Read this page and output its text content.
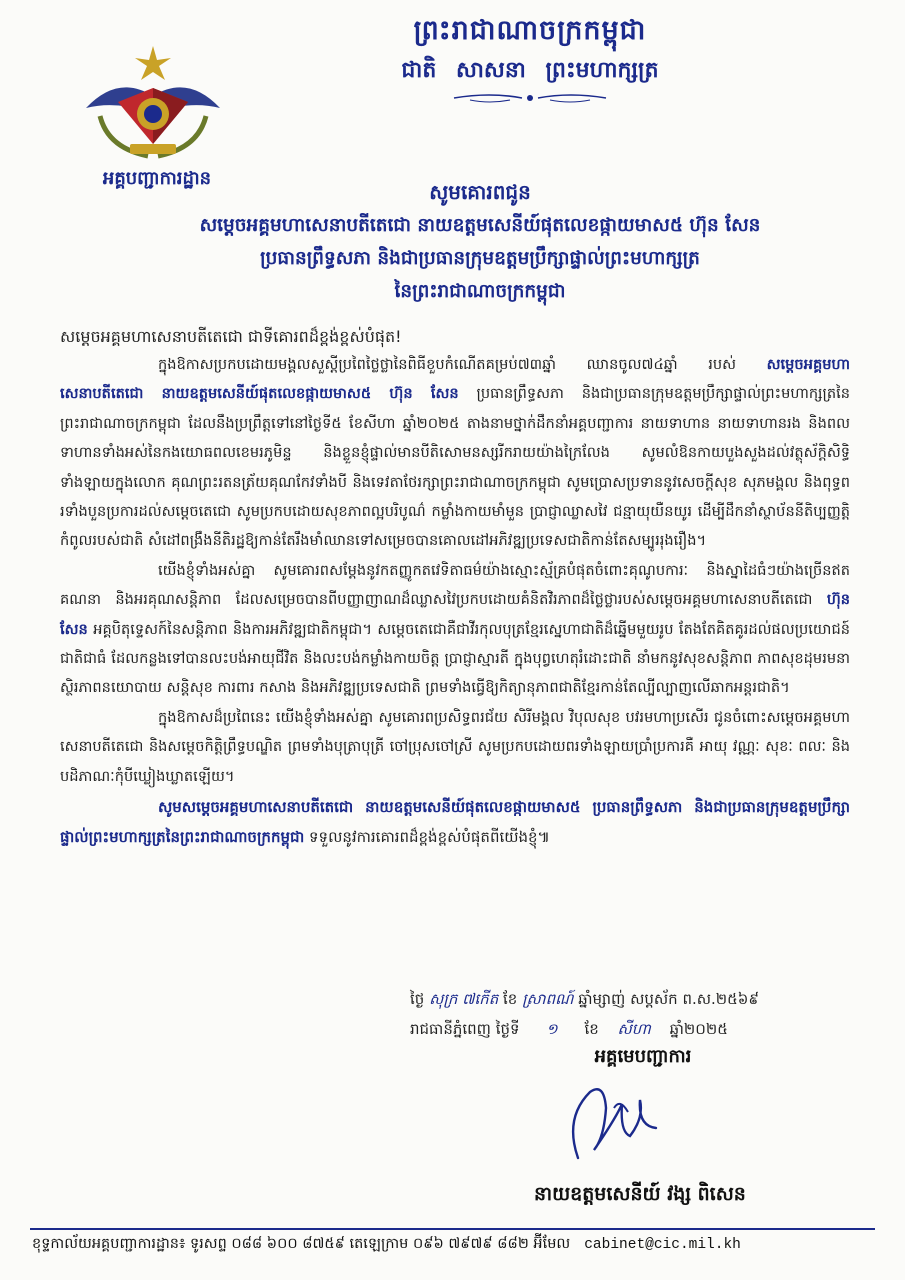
ព្រះរាជាណាចក្រកម្ពុជា
ជាតិ សាសនា ព្រះមហាក្សត្រ
អគ្គបញ្ជាការដ្ឋាន
សូមគោរពជូន
សម្តេចអគ្គមហាសេនាបតីតេជោ នាយឧត្តមសេនីយ៍ផុតលេខផ្កាយមាស៥ ហ៊ុន សែន
ប្រធានព្រឹទ្ធសភា និងជាប្រធានក្រុមឧត្តមប្រឹក្សាផ្ទាល់ព្រះមហាក្សត្រ
នៃព្រះរាជាណាចក្រកម្ពុជា
សម្តេចអគ្គមហាសេនាបតីតេជោ ជាទីគោរពដ៏ខ្ពង់ខ្ពស់បំផុត!

ក្នុងឱកាសប្រកបដោយមង្គលសួស្តីប្រពៃថ្លៃថ្លានៃពិធីខួបកំណើតគម្រប់៧៣ឆ្នាំ ឈានចូល៧៤ឆ្នាំ របស់ សម្តេចអគ្គមហាសេនាបតីតេជោ នាយឧត្តមសេនីយ៍ផុតលេខផ្កាយមាស៥ ហ៊ុន សែន ប្រធានព្រឹទ្ធសភា និងជាប្រធានក្រុមឧត្តមប្រឹក្សាផ្ទាល់ព្រះមហាក្សត្រនៃព្រះរាជាណាចក្រកម្ពុជា ដែលនឹងប្រព្រឹត្តទៅនៅថ្ងៃទី៥ ខែសីហា ឆ្នាំ២០២៥ តាងនាមថ្នាក់ដឹកនាំអគ្គបញ្ជាការ នាយទាហាន នាយទាហានរង និងពលទាហានទាំងអស់នៃកងយោធពលខេមរភូមិន្ទ និងខ្លួនខ្ញុំផ្ទាល់មានបីតិសោមនស្សរីករាយយ៉ាងក្រៃលែង សូមលំឱនកាយបួងសួងដល់វត្ថុស័ក្តិសិទ្ធិទាំងឡាយក្នុងលោក គុណព្រះរតនត្រ័យគុណកែវទាំងបី និងទេវតាថែរក្សាព្រះរាជាណាចក្រកម្ពុជា សូមប្រោសប្រទាននូវសេចក្តីសុខ សុភមង្គល និងពុទ្ធពរទាំងបួនប្រការដល់សម្តេចតេជោ សូមប្រកបដោយសុខភាពល្អបរិបូណ៌ កម្លាំងកាយមាំមួន ប្រាជ្ញាឈ្លាសវៃ ជន្មាយុយឺនយូរ ដើម្បីដឹកនាំស្ថាប័ននីតិប្បញ្ញត្តិកំពូលរបស់ជាតិ សំដៅពង្រឹងនីតិរដ្ឋឱ្យកាន់តែរឹងមាំឈានទៅសម្រេចបានគោលដៅអភិវឌ្ឍប្រទេសជាតិកាន់តែសម្បូររុងរឿង។

យើងខ្ញុំទាំងអស់គ្នា សូមគោរពសម្តែងនូវកតញ្ញូកតវេទិតាធម៌យ៉ាងស្មោះស្ម័គ្របំផុតចំពោះគុណូបការៈ និងស្នាដៃធំៗយ៉ាងច្រើនឥតគណនា និងអរគុណសន្តិភាព ដែលសម្រេចបានពីបញ្ញាញាណដ៏ឈ្លាសវៃប្រកបដោយគំនិតវិរភាពដ៏ថ្លៃថ្លារបស់សម្តេចអគ្គមហាសេនាបតីតេជោ ហ៊ុន សែន អគ្គបិតុទ្ទេសក៍នៃសន្តិភាព និងការអភិវឌ្ឍជាតិកម្ពុជា។ សម្តេចតេជោគឺជាវីរកុលបុត្រខ្មែរស្នេហាជាតិដ៏ឆ្នើមមួយរូប តែងតែគិតគូរដល់ផលប្រយោជន៍ជាតិជាធំ ដែលកន្លងទៅបានលះបង់អាយុជីវិត និងលះបង់កម្លាំងកាយចិត្ត ប្រាជ្ញាស្មារតី ក្នុងបុព្វហេតុរំដោះជាតិ នាំមកនូវសុខសន្តិភាព ភាពសុខដុមរមនា ស្ថិរភាពនយោបាយ សន្តិសុខ ការពារ កសាង និងអភិវឌ្ឍប្រទេសជាតិ ព្រមទាំងធ្វើឱ្យកិត្យានុភាពជាតិខ្មែរកាន់តែល្បីល្បាញលើឆាកអន្តរជាតិ។

ក្នុងឱកាសដ៏ប្រពៃនេះ យើងខ្ញុំទាំងអស់គ្នា សូមគោរពប្រសិទ្ធពរជ័យ សិរីមង្គល វិបុលសុខ បវរមហាប្រសើរ ជូនចំពោះសម្តេចអគ្គមហាសេនាបតីតេជោ និងសម្តេចកិត្តិព្រឹទ្ធបណ្ឌិត ព្រមទាំងបុត្រាបុត្រី ចៅប្រុសចៅស្រី សូមប្រកបដោយពរទាំងឡាយប្រាំប្រការគឺ អាយុ វណ្ណៈ សុខៈ ពលៈ និងបដិភាណៈកុំបីឃ្លៀងឃ្លាតឡើយ។

សូមសម្តេចអគ្គមហាសេនាបតីតេជោ នាយឧត្តមសេនីយ៍ផុតលេខផ្កាយមាស៥ ប្រធានព្រឹទ្ធសភា និងជាប្រធានក្រុមឧត្តមប្រឹក្សាផ្ទាល់ព្រះមហាក្សត្រនៃព្រះរាជាណាចក្រកម្ពុជា ទទួលនូវការគោរពដ៏ខ្ពង់ខ្ពស់បំផុតពីយើងខ្ញុំ៕

ថ្ងៃ សុក្រ ៧កើត ខែ ស្រាពណ៍ ឆ្នាំម្សាញ់ សប្តស័ក ព.ស.២៥៦៩
រាជធានីភ្នំពេញ ថ្ងៃទី ១ ខែ សីហា ឆ្នាំ២០២៥
អគ្គមេបញ្ជាការ
នាយឧត្តមសេនីយ៍ វង្ស ពិសេន
ខុទ្ទកាល័យអគ្គបញ្ជាការដ្ឋាន៖ ទូរសព្ទ ០៨៨ ៦០០ ៨៧៥៩ តេឡេក្រាម ០៩៦ ៧៩៧៩ ៨៨២ អ៊ីមែល cabinet@cic.mil.kh
